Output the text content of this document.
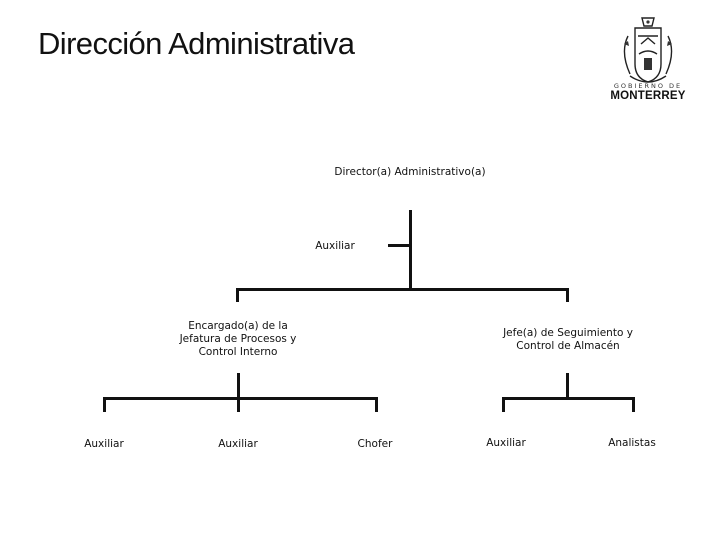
Dirección Administrativa
GOBIERNO DE
MONTERREY
Director(a) Administrativo(a)
Auxiliar
Encargado(a) de la Jefatura de Procesos y Control Interno
Jefe(a) de Seguimiento y Control de Almacén
Auxiliar	Auxiliar	Chofer	Auxiliar	Analistas
